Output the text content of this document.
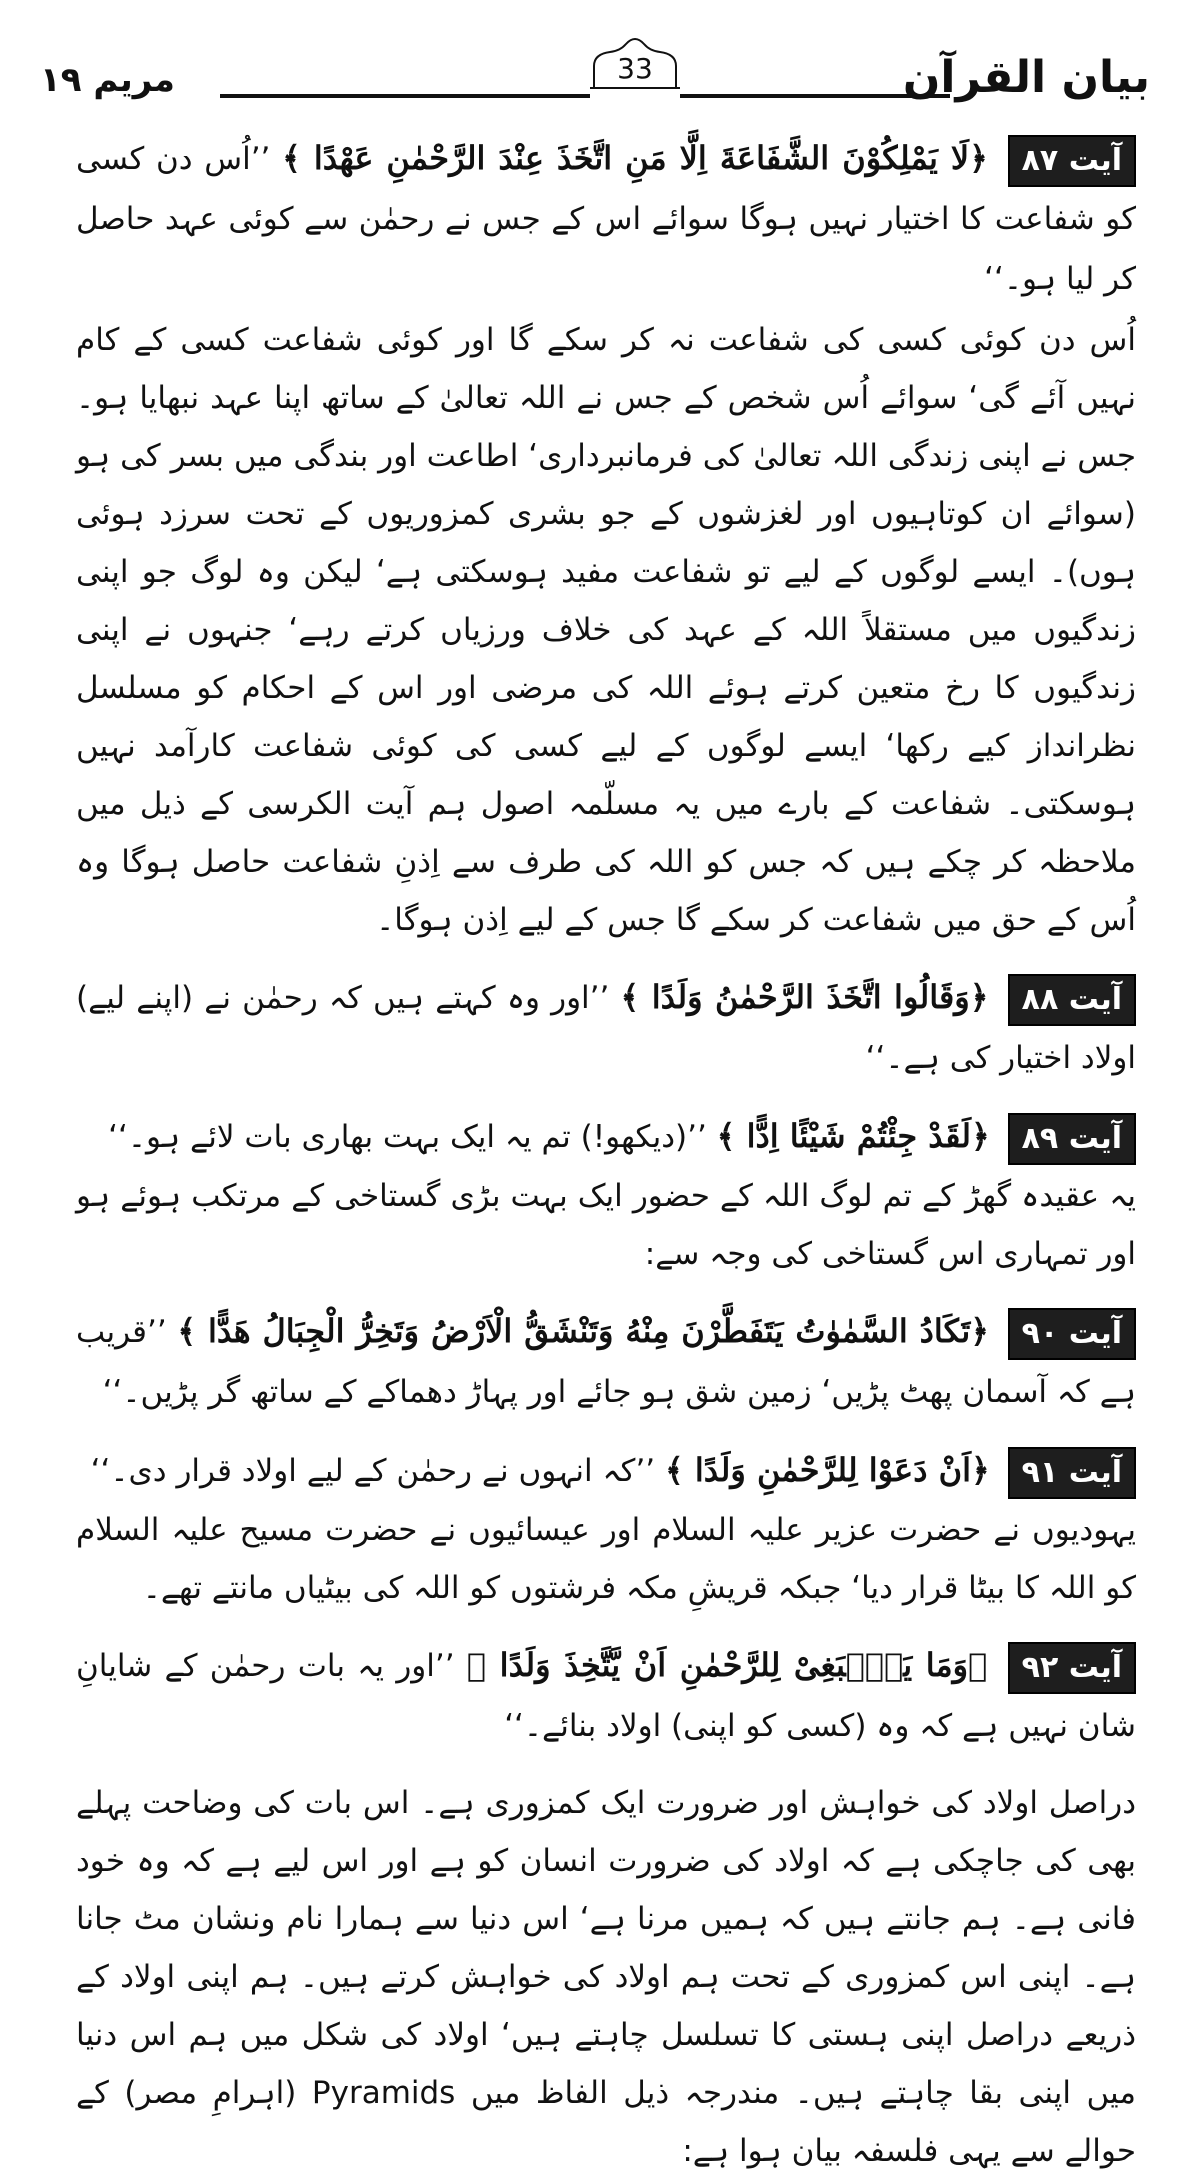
بیان القرآن
33
مریم ۱۹

آیت ۸۷ ﴿لَا یَمْلِکُوْنَ الشَّفَاعَةَ اِلَّا مَنِ اتَّخَذَ عِنْدَ الرَّحْمٰنِ عَھْدًا ﴾ ’’اُس دن کسی کو شفاعت کا اختیار نہیں ہوگا سوائے اس کے جس نے رحمٰن سے کوئی عہد حاصل کر لیا ہو۔‘‘

اُس دن کوئی کسی کی شفاعت نہ کر سکے گا اور کوئی شفاعت کسی کے کام نہیں آئے گی‘ سوائے اُس شخص کے جس نے اللہ تعالیٰ کے ساتھ اپنا عہد نبھایا ہو۔ جس نے اپنی زندگی اللہ تعالیٰ کی فرمانبرداری‘ اطاعت اور بندگی میں بسر کی ہو (سوائے ان کوتاہیوں اور لغزشوں کے جو بشری کمزوریوں کے تحت سرزد ہوئی ہوں)۔ ایسے لوگوں کے لیے تو شفاعت مفید ہوسکتی ہے‘ لیکن وہ لوگ جو اپنی زندگیوں میں مستقلاً اللہ کے عہد کی خلاف ورزیاں کرتے رہے‘ جنہوں نے اپنی زندگیوں کا رخ متعین کرتے ہوئے اللہ کی مرضی اور اس کے احکام کو مسلسل نظرانداز کیے رکھا‘ ایسے لوگوں کے لیے کسی کی کوئی شفاعت کارآمد نہیں ہوسکتی۔ شفاعت کے بارے میں یہ مسلّمہ اصول ہم آیت الکرسی کے ذیل میں ملاحظہ کر چکے ہیں کہ جس کو اللہ کی طرف سے اِذنِ شفاعت حاصل ہوگا وہ اُس کے حق میں شفاعت کر سکے گا جس کے لیے اِذن ہوگا۔

آیت ۸۸ ﴿وَقَالُوا اتَّخَذَ الرَّحْمٰنُ وَلَدًا ﴾ ’’اور وہ کہتے ہیں کہ رحمٰن نے (اپنے لیے) اولاد اختیار کی ہے۔‘‘

آیت ۸۹ ﴿لَقَدْ جِئْتُمْ شَیْئًا اِدًّا ﴾ ’’(دیکھو!) تم یہ ایک بہت بھاری بات لائے ہو۔‘‘

یہ عقیدہ گھڑ کے تم لوگ اللہ کے حضور ایک بہت بڑی گستاخی کے مرتکب ہوئے ہو اور تمہاری اس گستاخی کی وجہ سے:

آیت ۹۰ ﴿تَکَادُ السَّمٰوٰتُ یَتَفَطَّرْنَ مِنْهُ وَتَنْشَقُّ الْاَرْضُ وَتَخِرُّ الْجِبَالُ ھَدًّا ﴾ ’’قریب ہے کہ آسمان پھٹ پڑیں‘ زمین شق ہو جائے اور پہاڑ دھماکے کے ساتھ گر پڑیں۔‘‘

آیت ۹۱ ﴿اَنْ دَعَوْا لِلرَّحْمٰنِ وَلَدًا ﴾ ’’کہ انہوں نے رحمٰن کے لیے اولاد قرار دی۔‘‘

یہودیوں نے حضرت عزیر علیہ السلام اور عیسائیوں نے حضرت مسیح علیہ السلام کو اللہ کا بیٹا قرار دیا‘ جبکہ قریشِ مکہ فرشتوں کو اللہ کی بیٹیاں مانتے تھے۔

آیت ۹۲ ﴿وَمَا یَنْۢبَغِیْ لِلرَّحْمٰنِ اَنْ یَّتَّخِذَ وَلَدًا ﴾ ’’اور یہ بات رحمٰن کے شایانِ شان نہیں ہے کہ وہ (کسی کو اپنی) اولاد بنائے۔‘‘

دراصل اولاد کی خواہش اور ضرورت ایک کمزوری ہے۔ اس بات کی وضاحت پہلے بھی کی جاچکی ہے کہ اولاد کی ضرورت انسان کو ہے اور اس لیے ہے کہ وہ خود فانی ہے۔ ہم جانتے ہیں کہ ہمیں مرنا ہے‘ اس دنیا سے ہمارا نام ونشان مٹ جانا ہے۔ اپنی اس کمزوری کے تحت ہم اولاد کی خواہش کرتے ہیں۔ ہم اپنی اولاد کے ذریعے دراصل اپنی ہستی کا تسلسل چاہتے ہیں‘ اولاد کی شکل میں ہم اس دنیا میں اپنی بقا چاہتے ہیں۔ مندرجہ ذیل الفاظ میں Pyramids (اہرامِ مصر) کے حوالے سے یہی فلسفہ بیان ہوا ہے:
